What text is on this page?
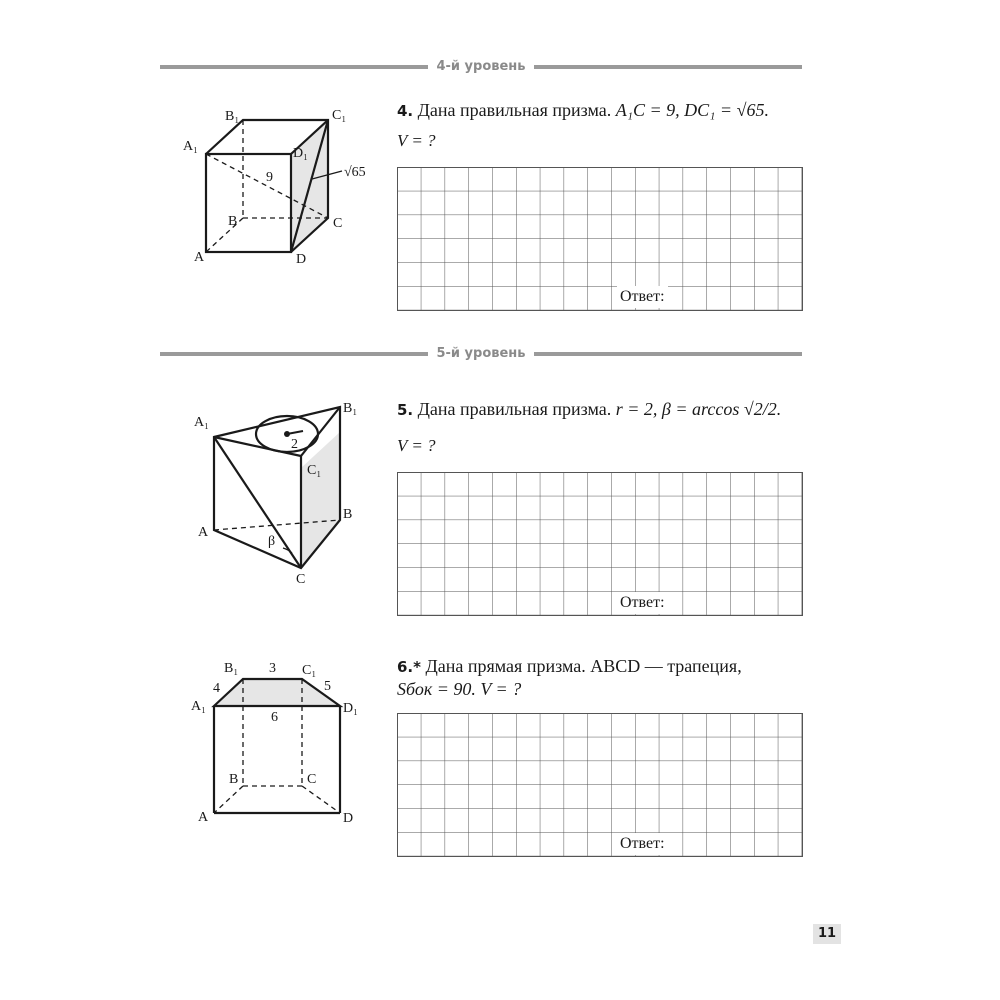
4-й уровень
B₁	C₁
A₁	D₁
B	C
A	D
9	√65
4. Дана правильная призма. A₁C = 9, DC₁ = √65.
V = ?
Ответ:
5-й уровень
A₁
B₁
C₁
A
B
C
2
β
5. Дана правильная призма. r = 2, β = arccos √2/2.
V = ?
Ответ:
B₁	C₁
A₁	D₁
B	C
A	D
3
4	5
6
6.* Дана прямая призма. ABCD — трапеция,
Sбок = 90. V = ?
Ответ:
11
